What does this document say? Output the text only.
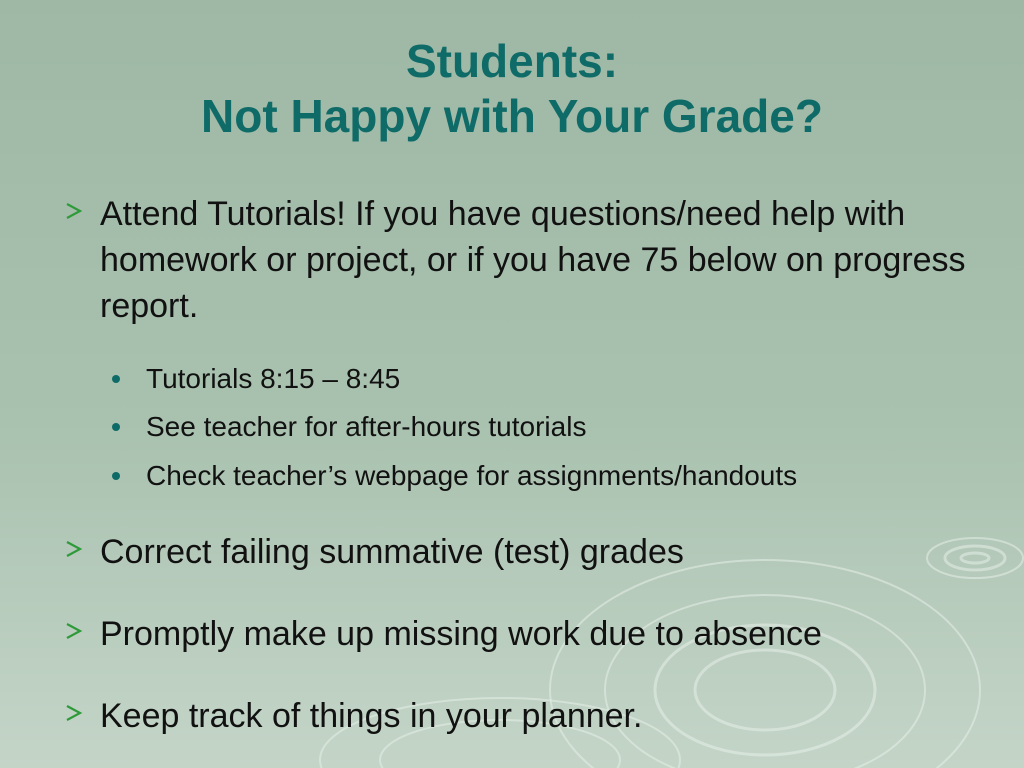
Students:
Not Happy with Your Grade?
Attend Tutorials! If you have questions/need help with homework or project, or if you have 75 below on progress report.
Tutorials 8:15 – 8:45
See teacher for after-hours tutorials
Check teacher’s webpage for assignments/handouts
Correct failing summative (test) grades
Promptly make up missing work due to absence
Keep track of things in your planner.
